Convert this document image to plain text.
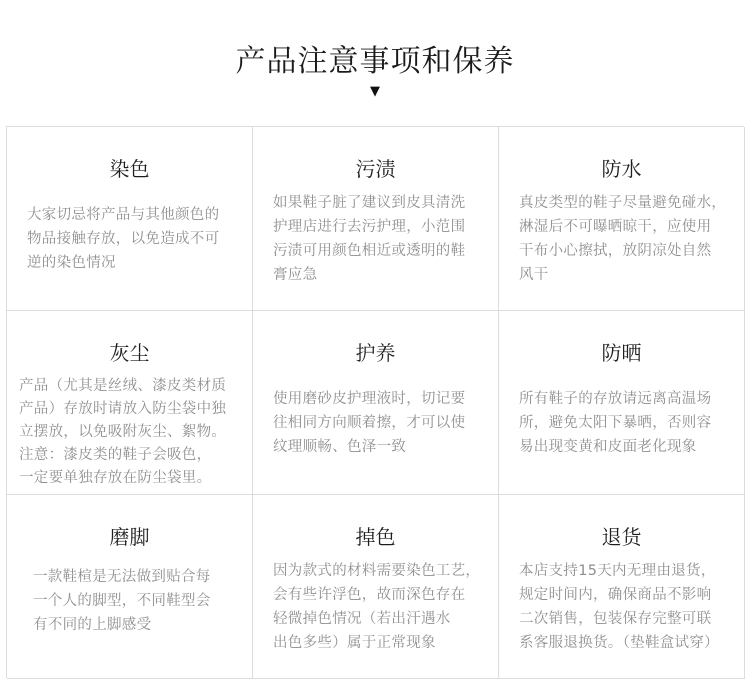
产品注意事项和保养
▼
染色
大家切忌将产品与其他颜色的
物品接触存放，以免造成不可
逆的染色情况
污渍
如果鞋子脏了建议到皮具清洗
护理店进行去污护理，小范围
污渍可用颜色相近或透明的鞋
膏应急
防水
真皮类型的鞋子尽量避免碰水，
淋湿后不可曝晒晾干，应使用
干布小心擦拭，放阴凉处自然
风干
灰尘
产品（尤其是丝绒、漆皮类材质
产品）存放时请放入防尘袋中独
立摆放，以免吸附灰尘、絮物。
注意：漆皮类的鞋子会吸色，
一定要单独存放在防尘袋里。
护养
使用磨砂皮护理液时，切记要
往相同方向顺着擦，才可以使
纹理顺畅、色泽一致
防晒
所有鞋子的存放请远离高温场
所，避免太阳下暴晒，否则容
易出现变黄和皮面老化现象
磨脚
一款鞋楦是无法做到贴合每
一个人的脚型，不同鞋型会
有不同的上脚感受
掉色
因为款式的材料需要染色工艺，
会有些许浮色，故而深色存在
轻微掉色情况（若出汗遇水
出色多些）属于正常现象
退货
本店支持15天内无理由退货，
规定时间内，确保商品不影响
二次销售，包装保存完整可联
系客服退换货。（垫鞋盒试穿）
